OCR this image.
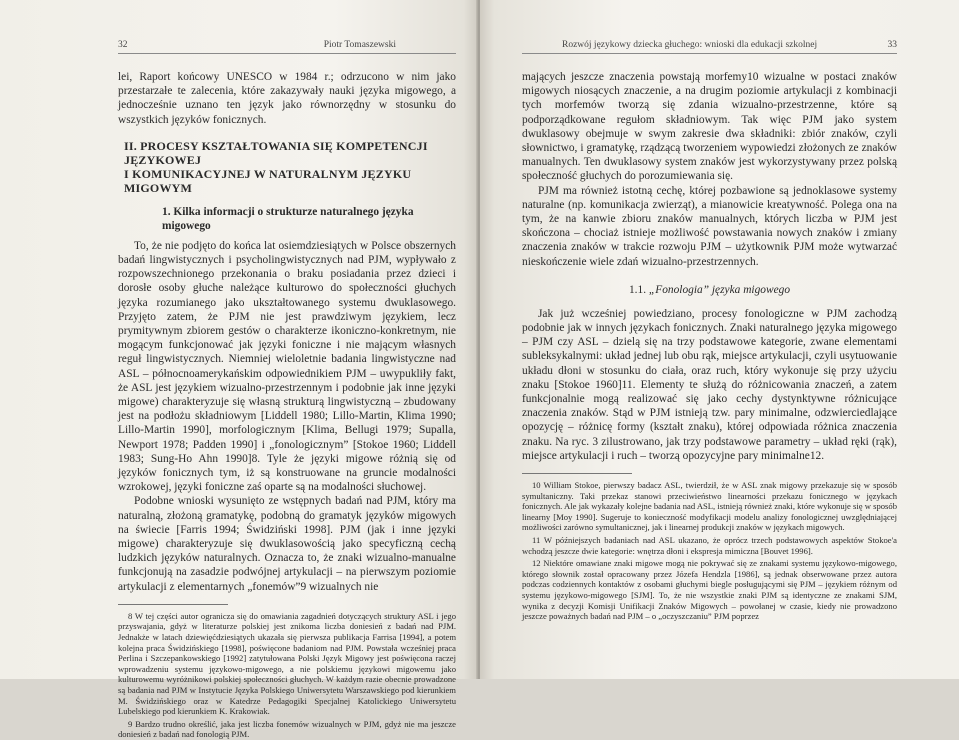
32	Piotr Tomaszewski

lei, Raport końcowy UNESCO w 1984 r.; odrzucono w nim jako przestarzałe te zalecenia, które zakazywały nauki języka migowego, a jednocześnie uznano ten język jako równorzędny w stosunku do wszystkich języków fonicznych.

II. PROCESY KSZTAŁTOWANIA SIĘ KOMPETENCJI JĘZYKOWEJ
I KOMUNIKACYJNEJ W NATURALNYM JĘZYKU MIGOWYM
1. Kilka informacji o strukturze naturalnego języka migowego

To, że nie podjęto do końca lat osiemdziesiątych w Polsce obszernych badań lingwistycznych i psycholingwistycznych nad PJM, wypływało z rozpowszechnionego przekonania o braku posiadania przez dzieci i dorosłe osoby głuche należące kulturowo do społeczności głuchych języka rozumianego jako ukształtowanego systemu dwuklasowego. Przyjęto zatem, że PJM nie jest prawdziwym językiem, lecz prymitywnym zbiorem gestów o charakterze ikoniczno-konkretnym, nie mogącym funkcjonować jak języki foniczne i nie mającym własnych reguł lingwistycznych. Niemniej wieloletnie badania lingwistyczne nad ASL – północnoamerykańskim odpowiednikiem PJM – uwypukliły fakt, że ASL jest językiem wizualno-przestrzennym i podobnie jak inne języki migowe) charakteryzuje się własną strukturą lingwistyczną – zbudowany jest na podłożu składniowym [Liddell 1980; Lillo-Martin, Klima 1990; Lillo-Martin 1990], morfologicznym [Klima, Bellugi 1979; Supalla, Newport 1978; Padden 1990] i „fonologicznym” [Stokoe 1960; Liddell 1983; Sung-Ho Ahn 1990]8. Tyle że języki migowe różnią się od języków fonicznych tym, iż są konstruowane na gruncie modalności wzrokowej, języki foniczne zaś oparte są na modalności słuchowej.

Podobne wnioski wysunięto ze wstępnych badań nad PJM, który ma naturalną, złożoną gramatykę, podobną do gramatyk języków migowych na świecie [Farris 1994; Świdziński 1998]. PJM (jak i inne języki migowe) charakteryzuje się dwuklasowością jako specyficzną cechą ludzkich języków naturalnych. Oznacza to, że znaki wizualno-manualne funkcjonują na zasadzie podwójnej artykulacji – na pierwszym poziomie artykulacji z elementarnych „fonemów”9 wizualnych nie

8 W tej części autor ogranicza się do omawiania zagadnień dotyczących struktury ASL i jego przyswajania, gdyż w literaturze polskiej jest znikoma liczba doniesień z badań nad PJM. Jednakże w latach dziewięćdziesiątych ukazała się pierwsza publikacja Farrisa [1994], a potem kolejna praca Świdzińskiego [1998], poświęcone badaniom nad PJM. Powstała wcześniej praca Perlina i Szczepankowskiego [1992] zatytułowana Polski Język Migowy jest poświęcona raczej wprowadzeniu systemu językowo-migowego, a nie polskiemu językowi migowemu jako kulturowemu wyróżnikowi polskiej społeczności głuchych. W każdym razie obecnie prowadzone są badania nad PJM w Instytucie Języka Polskiego Uniwersytetu Warszawskiego pod kierunkiem M. Świdzińskiego oraz w Katedrze Pedagogiki Specjalnej Katolickiego Uniwersytetu Lubelskiego pod kierunkiem K. Krakowiak.
9 Bardzo trudno określić, jaka jest liczba fonemów wizualnych w PJM, gdyż nie ma jeszcze doniesień z badań nad fonologią PJM.
Rozwój językowy dziecka głuchego: wnioski dla edukacji szkolnej	33

mających jeszcze znaczenia powstają morfemy10 wizualne w postaci znaków migowych niosących znaczenie, a na drugim poziomie artykulacji z kombinacji tych morfemów tworzą się zdania wizualno-przestrzenne, które są podporządkowane regułom składniowym. Tak więc PJM jako system dwuklasowy obejmuje w swym zakresie dwa składniki: zbiór znaków, czyli słownictwo, i gramatykę, rządzącą tworzeniem wypowiedzi złożonych ze znaków manualnych. Ten dwuklasowy system znaków jest wykorzystywany przez polską społeczność głuchych do porozumiewania się.

PJM ma również istotną cechę, której pozbawione są jednoklasowe systemy naturalne (np. komunikacja zwierząt), a mianowicie kreatywność. Polega ona na tym, że na kanwie zbioru znaków manualnych, których liczba w PJM jest skończona – chociaż istnieje możliwość powstawania nowych znaków i zmiany znaczenia znaków w trakcie rozwoju PJM – użytkownik PJM może wytwarzać nieskończenie wiele zdań wizualno-przestrzennych.

1.1. „Fonologia” języka migowego

Jak już wcześniej powiedziano, procesy fonologiczne w PJM zachodzą podobnie jak w innych językach fonicznych. Znaki naturalnego języka migowego – PJM czy ASL – dzielą się na trzy podstawowe kategorie, zwane elementami subleksykalnymi: układ jednej lub obu rąk, miejsce artykulacji, czyli usytuowanie układu dłoni w stosunku do ciała, oraz ruch, który wykonuje się przy użyciu znaku [Stokoe 1960]11. Elementy te służą do różnicowania znaczeń, a zatem funkcjonalnie mogą realizować się jako cechy dystynktywne różnicujące znaczenia znaków. Stąd w PJM istnieją tzw. pary minimalne, odzwierciedlające opozycję – różnicę formy (kształt znaku), której odpowiada różnica znaczenia znaku. Na ryc. 3 zilustrowano, jak trzy podstawowe parametry – układ ręki (rąk), miejsce artykulacji i ruch – tworzą opozycyjne pary minimalne12.

10 William Stokoe, pierwszy badacz ASL, twierdził, że w ASL znak migowy przekazuje się w sposób symultaniczny. Taki przekaz stanowi przeciwieństwo linearności przekazu fonicznego w językach fonicznych. Ale jak wykazały kolejne badania nad ASL, istnieją również znaki, które wykonuje się w sposób linearny [Moy 1990]. Sugeruje to konieczność modyfikacji modelu analizy fonologicznej uwzględniającej możliwości zarówno symultanicznej, jak i linearnej produkcji znaków w językach migowych.
11 W późniejszych badaniach nad ASL ukazano, że oprócz trzech podstawowych aspektów Stokoe'a wchodzą jeszcze dwie kategorie: wnętrza dłoni i ekspresja mimiczna [Bouvet 1996].
12 Niektóre omawiane znaki migowe mogą nie pokrywać się ze znakami systemu językowo-migowego, którego słownik został opracowany przez Józefa Hendzla [1986], są jednak obserwowane przez autora podczas codziennych kontaktów z osobami głuchymi biegle posługującymi się PJM – językiem różnym od systemu językowo-migowego [SJM]. To, że nie wszystkie znaki PJM są identyczne ze znakami SJM, wynika z decyzji Komisji Unifikacji Znaków Migowych – powołanej w czasie, kiedy nie prowadzono jeszcze poważnych badań nad PJM – o „oczyszczaniu” PJM poprzez
